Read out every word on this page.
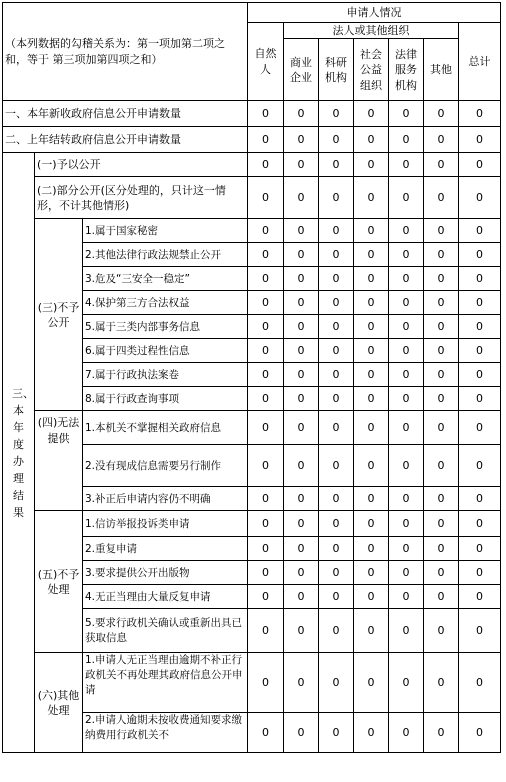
（本列数据的勾稽关系为：第一项加第二项之和，等于 第三项加第四项之和）			申请人情况						
			自然人	法人或其他组织					总计
				商业企业	科研机构	社会公益组织	法律服务机构	其他	
一、本年新收政府信息公开申请数量			0	0	0	0	0	0	0
二、上年结转政府信息公开申请数量			0	0	0	0	0	0	0
三、本年度办理结果	(一)予以公开		0	0	0	0	0	0	0
	(二)部分公开(区分处理的，只计这一情形，不计其他情形)		0	0	0	0	0	0	0
	(三)不予公开	1.属于国家秘密	0	0	0	0	0	0	0
		2.其他法律行政法规禁止公开	0	0	0	0	0	0	0
		3.危及“三安全一稳定”	0	0	0	0	0	0	0
		4.保护第三方合法权益	0	0	0	0	0	0	0
		5.属于三类内部事务信息	0	0	0	0	0	0	0
		6.属于四类过程性信息	0	0	0	0	0	0	0
		7.属于行政执法案卷	0	0	0	0	0	0	0
		8.属于行政查询事项	0	0	0	0	0	0	0
	(四)无法提供	1.本机关不掌握相关政府信息	0	0	0	0	0	0	0
		2.没有现成信息需要另行制作	0	0	0	0	0	0	0
		3.补正后申请内容仍不明确	0	0	0	0	0	0	0
	(五)不予处理	1.信访举报投诉类申请	0	0	0	0	0	0	0
		2.重复申请	0	0	0	0	0	0	0
		3.要求提供公开出版物	0	0	0	0	0	0	0
		4.无正当理由大量反复申请	0	0	0	0	0	0	0
		5.要求行政机关确认或重新出具已 获取信息	0	0	0	0	0	0	0
	(六)其他处理	1.申请人无正当理由逾期不补正行 政机关不再处理其政府信息公开申 请	0	0	0	0	0	0	0
		2.申请人逾期未按收费通知要求缴 纳费用行政机关不	0	0	0	0	0	0	0
